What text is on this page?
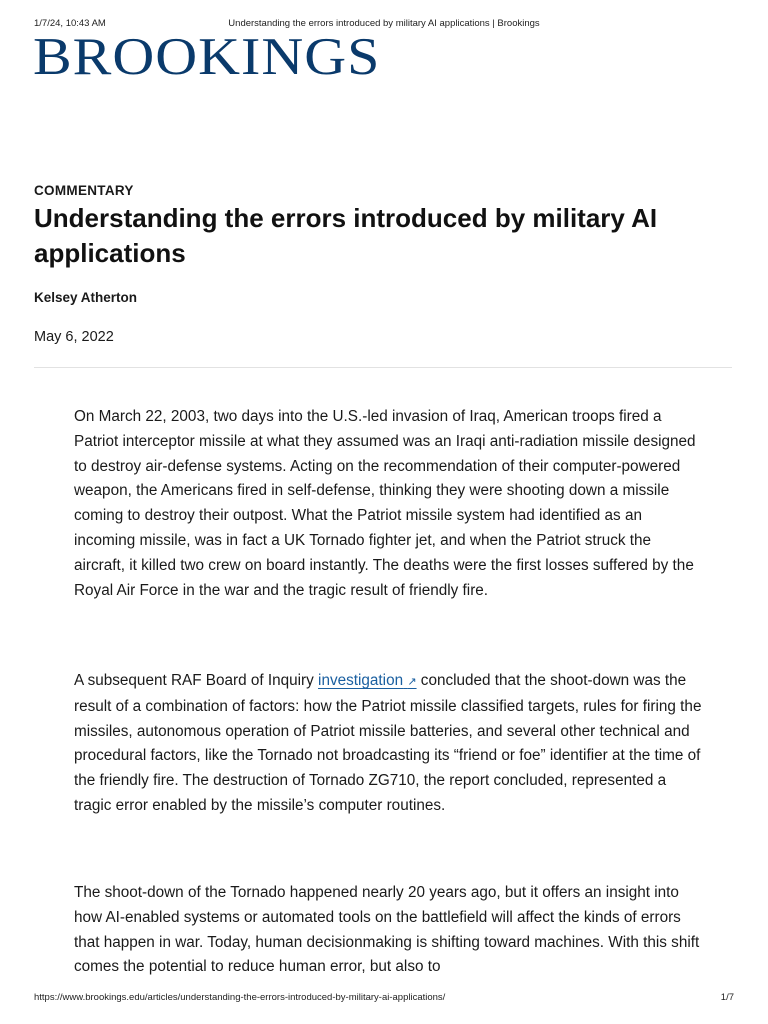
1/7/24, 10:43 AM	Understanding the errors introduced by military AI applications | Brookings
BROOKINGS
COMMENTARY
Understanding the errors introduced by military AI applications
Kelsey Atherton
May 6, 2022

On March 22, 2003, two days into the U.S.-led invasion of Iraq, American troops fired a Patriot interceptor missile at what they assumed was an Iraqi anti-radiation missile designed to destroy air-defense systems. Acting on the recommendation of their computer-powered weapon, the Americans fired in self-defense, thinking they were shooting down a missile coming to destroy their outpost. What the Patriot missile system had identified as an incoming missile, was in fact a UK Tornado fighter jet, and when the Patriot struck the aircraft, it killed two crew on board instantly. The deaths were the first losses suffered by the Royal Air Force in the war and the tragic result of friendly fire.

A subsequent RAF Board of Inquiry investigation ↗ concluded that the shoot-down was the result of a combination of factors: how the Patriot missile classified targets, rules for firing the missiles, autonomous operation of Patriot missile batteries, and several other technical and procedural factors, like the Tornado not broadcasting its “friend or foe” identifier at the time of the friendly fire. The destruction of Tornado ZG710, the report concluded, represented a tragic error enabled by the missile’s computer routines.

The shoot-down of the Tornado happened nearly 20 years ago, but it offers an insight into how AI-enabled systems or automated tools on the battlefield will affect the kinds of errors that happen in war. Today, human decisionmaking is shifting toward machines. With this shift comes the potential to reduce human error, but also to

https://www.brookings.edu/articles/understanding-the-errors-introduced-by-military-ai-applications/	1/7
